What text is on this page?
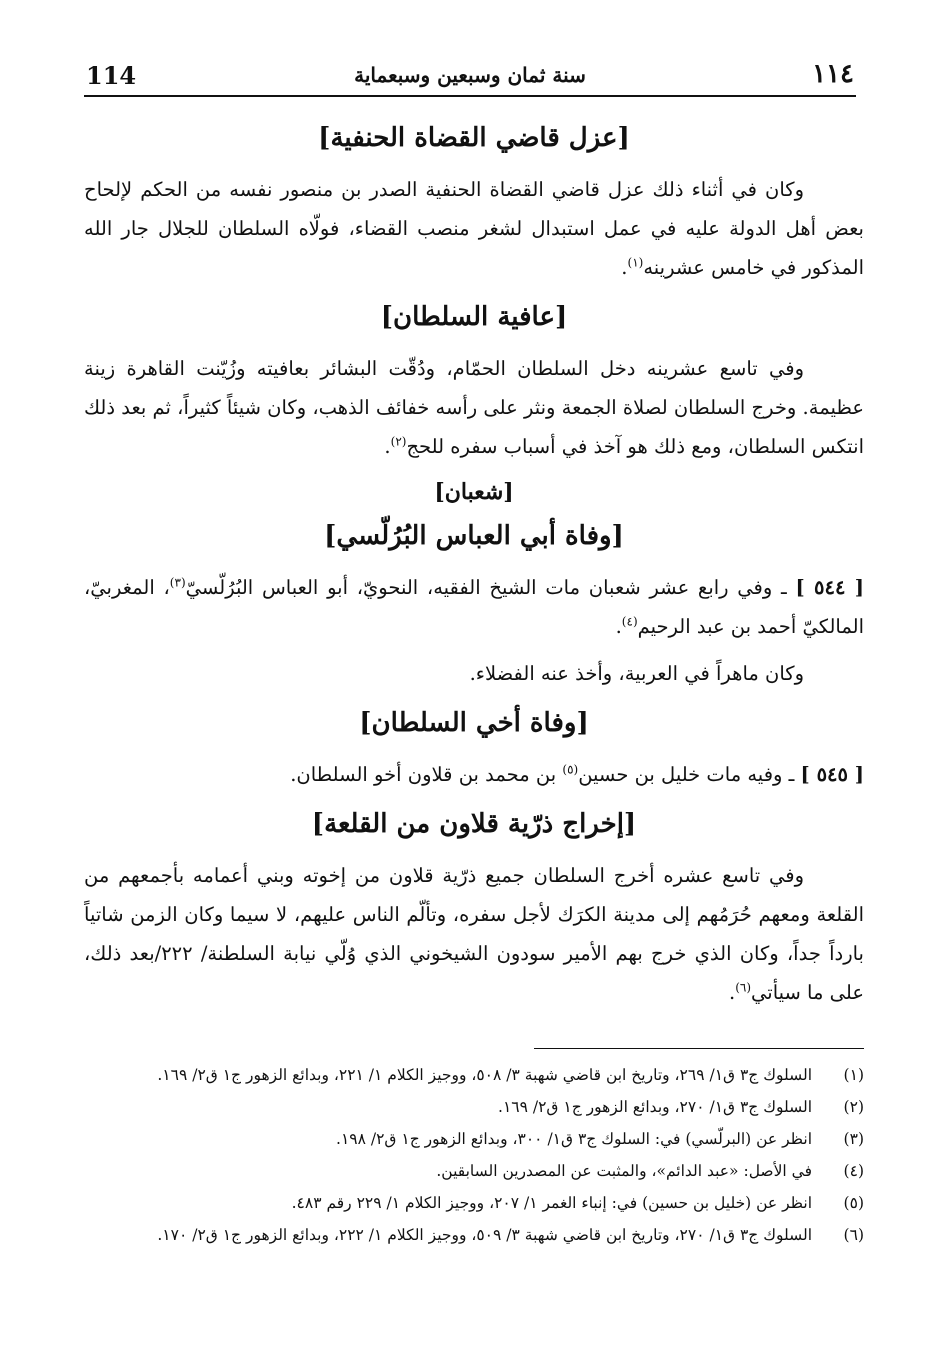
114	سنة ثمان وسبعين وسبعماية	١١٤
[عزل قاضي القضاة الحنفية]

وكان في أثناء ذلك عزل قاضي القضاة الحنفية الصدر بن منصور نفسه من الحكم لإلحاح بعض أهل الدولة عليه في عمل استبدال لشغر منصب القضاء، فولّاه السلطان للجلال جار الله المذكور في خامس عشرينه$^{(١)}$.

[عافية السلطان]

وفي تاسع عشرينه دخل السلطان الحمّام، ودُقّت البشائر بعافيته وزُيّنت القاهرة زينة عظيمة. وخرج السلطان لصلاة الجمعة ونثر على رأسه خفائف الذهب، وكان شيئاً كثيراً، ثم بعد ذلك انتكس السلطان، ومع ذلك هو آخذ في أسباب سفره للحج$^{(٢)}$.

[شعبان]
[وفاة أبي العباس البُرُلّسي]

[ ٥٤٤ ] ـ وفي رابع عشر شعبان مات الشيخ الفقيه، النحويّ، أبو العباس البُرُلّسيّ$^{(٣)}$، المغربيّ، المالكيّ أحمد بن عبد الرحيم$^{(٤)}$.

وكان ماهراً في العربية، وأخذ عنه الفضلاء.

[وفاة أخي السلطان]

[ ٥٤٥ ] ـ وفيه مات خليل بن حسين$^{(٥)}$ بن محمد بن قلاون أخو السلطان.

[إخراج ذرّية قلاون من القلعة]

وفي تاسع عشره أخرج السلطان جميع ذرّية قلاون من إخوته وبني أعمامه بأجمعهم من القلعة ومعهم حُرَمُهم إلى مدينة الكرَك لأجل سفره، وتألّم الناس عليهم، لا سيما وكان الزمن شاتياً بارداً جداً، وكان الذي خرج بهم الأمير سودون الشيخوني الذي وُلّي نيابة السلطنة/ ٢٢٢/بعد ذلك، على ما سيأتي$^{(٦)}$.

(١)
السلوك ج٣ ق١/ ٢٦٩، وتاريخ ابن قاضي شهبة ٣/ ٥٠٨، ووجيز الكلام ١/ ٢٢١، وبدائع الزهور ج١ ق٢/ ١٦٩.
(٢)
السلوك ج٣ ق١/ ٢٧٠، وبدائع الزهور ج١ ق٢/ ١٦٩.
(٣)
انظر عن (البرلّسي) في: السلوك ج٣ ق١/ ٣٠٠، وبدائع الزهور ج١ ق٢/ ١٩٨.
(٤)
في الأصل: «عبد الدائم»، والمثبت عن المصدرين السابقين.
(٥)
انظر عن (خليل بن حسين) في: إنباء الغمر ١/ ٢٠٧، ووجيز الكلام ١/ ٢٢٩ رقم ٤٨٣.
(٦)
السلوك ج٣ ق١/ ٢٧٠، وتاريخ ابن قاضي شهبة ٣/ ٥٠٩، ووجيز الكلام ١/ ٢٢٢، وبدائع الزهور ج١ ق٢/ ١٧٠.
